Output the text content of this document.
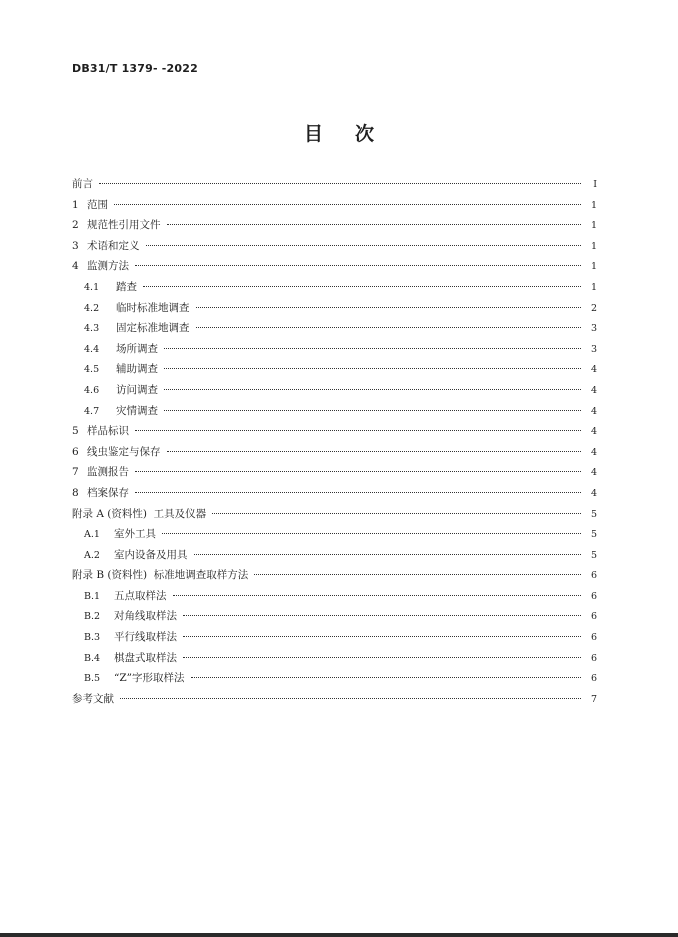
DB31/T 1379- -2022
目 次
前言	I
1 范围	1
2 规范性引用文件	1
3 术语和定义	1
4 监测方法	1
4.1	踏查	1
4.2	临时标准地调查	2
4.3	固定标准地调查	3
4.4	场所调查	3
4.5	辅助调查	4
4.6	访问调查	4
4.7	灾情调查	4
5 样品标识	4
6 线虫鉴定与保存	4
7 监测报告	4
8 档案保存	4
附录 A (资料性)  工具及仪器	5
A.1	室外工具	5
A.2	室内设备及用具	5
附录 B (资料性)  标准地调查取样方法	6
B.1	五点取样法	6
B.2	对角线取样法	6
B.3	平行线取样法	6
B.4	棋盘式取样法	6
B.5	“Z”字形取样法	6
参考文献	7
